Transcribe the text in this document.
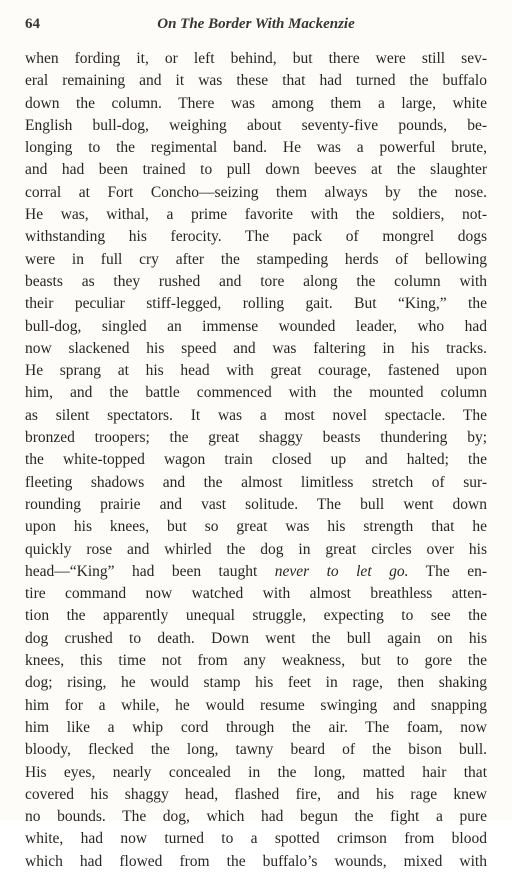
64	On The Border With Mackenzie
when fording it, or left behind, but there were still sev-
eral remaining and it was these that had turned the buffalo
down the column. There was among them a large, white
English bull-dog, weighing about seventy-five pounds, be-
longing to the regimental band. He was a powerful brute,
and had been trained to pull down beeves at the slaughter
corral at Fort Concho—seizing them always by the nose.
He was, withal, a prime favorite with the soldiers, not-
withstanding his ferocity. The pack of mongrel dogs
were in full cry after the stampeding herds of bellowing
beasts as they rushed and tore along the column with
their peculiar stiff-legged, rolling gait. But “King,” the
bull-dog, singled an immense wounded leader, who had
now slackened his speed and was faltering in his tracks.
He sprang at his head with great courage, fastened upon
him, and the battle commenced with the mounted column
as silent spectators. It was a most novel spectacle. The
bronzed troopers; the great shaggy beasts thundering by;
the white-topped wagon train closed up and halted; the
fleeting shadows and the almost limitless stretch of sur-
rounding prairie and vast solitude. The bull went down
upon his knees, but so great was his strength that he
quickly rose and whirled the dog in great circles over his
head—“King” had been taught never to let go. The en-
tire command now watched with almost breathless atten-
tion the apparently unequal struggle, expecting to see the
dog crushed to death. Down went the bull again on his
knees, this time not from any weakness, but to gore the
dog; rising, he would stamp his feet in rage, then shaking
him for a while, he would resume swinging and snapping
him like a whip cord through the air. The foam, now
bloody, flecked the long, tawny beard of the bison bull.
His eyes, nearly concealed in the long, matted hair that
covered his shaggy head, flashed fire, and his rage knew
no bounds. The dog, which had begun the fight a pure
white, had now turned to a spotted crimson from blood
which had flowed from the buffalo’s wounds, mixed with
